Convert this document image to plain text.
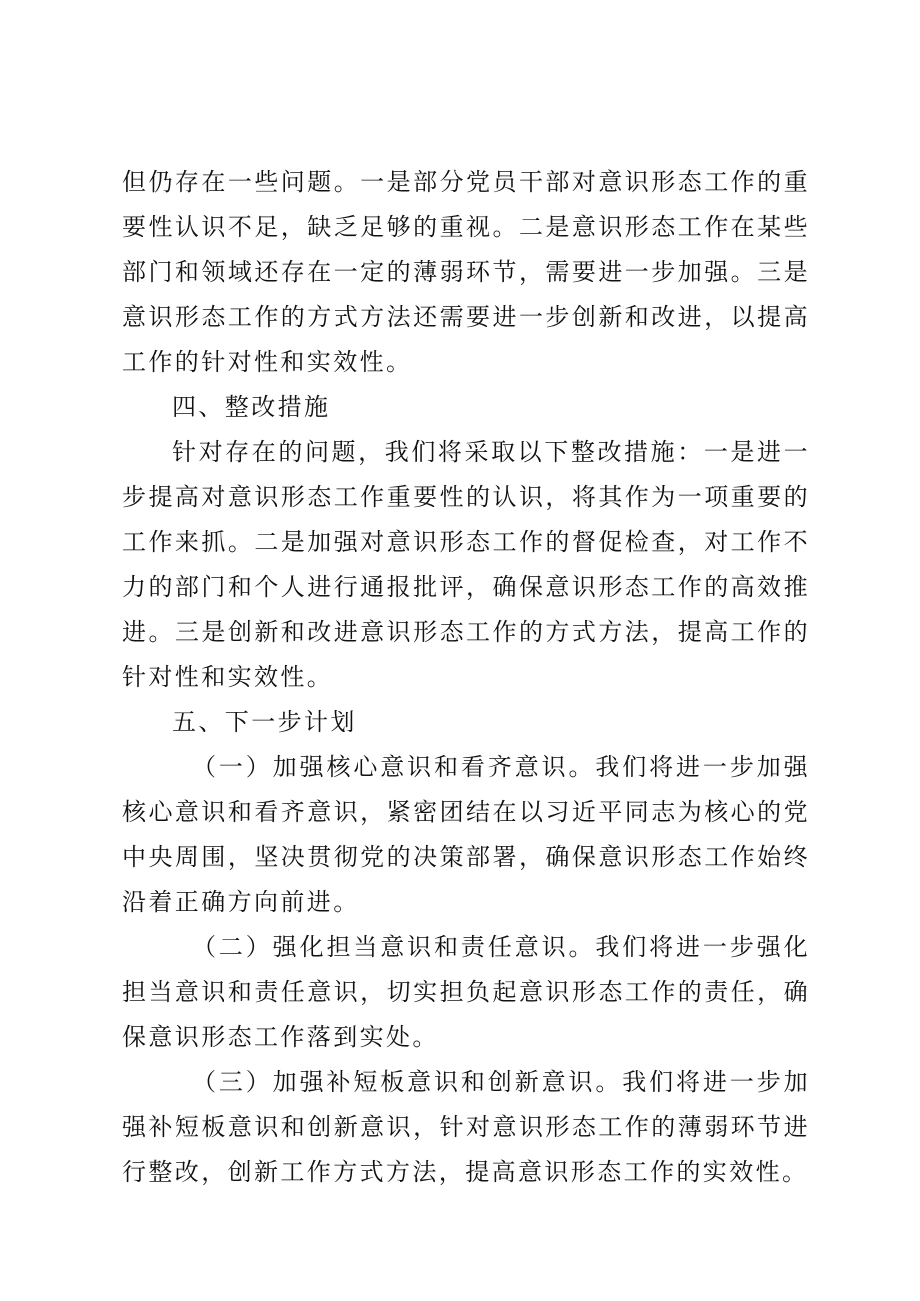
但仍存在一些问题。一是部分党员干部对意识形态工作的重要性认识不足，缺乏足够的重视。二是意识形态工作在某些部门和领域还存在一定的薄弱环节，需要进一步加强。三是意识形态工作的方式方法还需要进一步创新和改进，以提高工作的针对性和实效性。

四、整改措施

针对存在的问题，我们将采取以下整改措施：一是进一步提高对意识形态工作重要性的认识，将其作为一项重要的工作来抓。二是加强对意识形态工作的督促检查，对工作不力的部门和个人进行通报批评，确保意识形态工作的高效推进。三是创新和改进意识形态工作的方式方法，提高工作的针对性和实效性。

五、下一步计划

（一）加强核心意识和看齐意识。我们将进一步加强核心意识和看齐意识，紧密团结在以习近平同志为核心的党中央周围，坚决贯彻党的决策部署，确保意识形态工作始终沿着正确方向前进。

（二）强化担当意识和责任意识。我们将进一步强化担当意识和责任意识，切实担负起意识形态工作的责任，确保意识形态工作落到实处。

（三）加强补短板意识和创新意识。我们将进一步加强补短板意识和创新意识，针对意识形态工作的薄弱环节进行整改，创新工作方式方法，提高意识形态工作的实效性。
